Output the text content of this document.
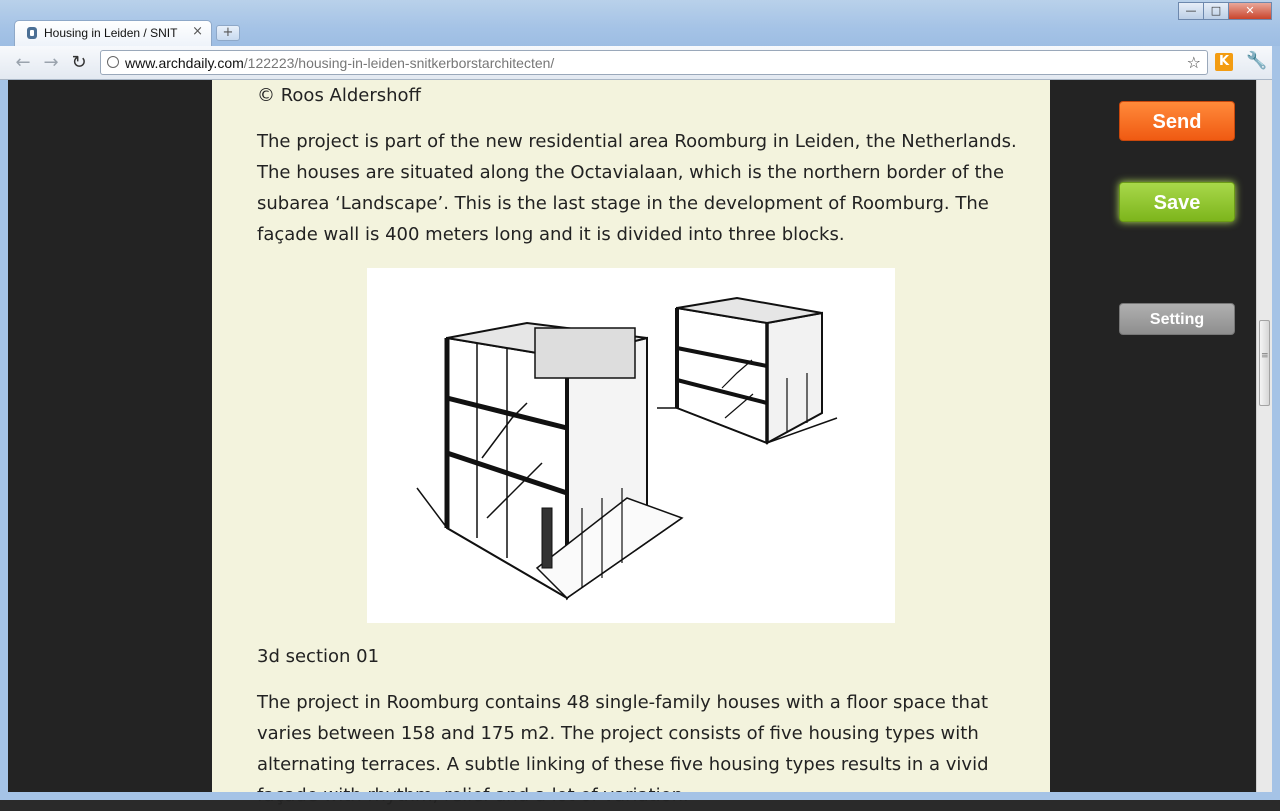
Housing in Leiden / SNIT	×	+
—	□	✕
← → ↻	www.archdaily.com/122223/housing-in-leiden-snitkerborstarchitecten/	☆	K 🔧
© Roos Aldershoff

The project is part of the new residential area Roomburg in Leiden, the Netherlands. The houses are situated along the Octavialaan, which is the northern border of the subarea ‘Landscape’. This is the last stage in the development of Roomburg. The façade wall is 400 meters long and it is divided into three blocks.

3d section 01

The project in Roomburg contains 48 single-family houses with a floor space that varies between 158 and 175 m2. The project consists of five housing types with alternating terraces. A subtle linking of these five housing types results in a vivid

Send
Save
Setting
≡
